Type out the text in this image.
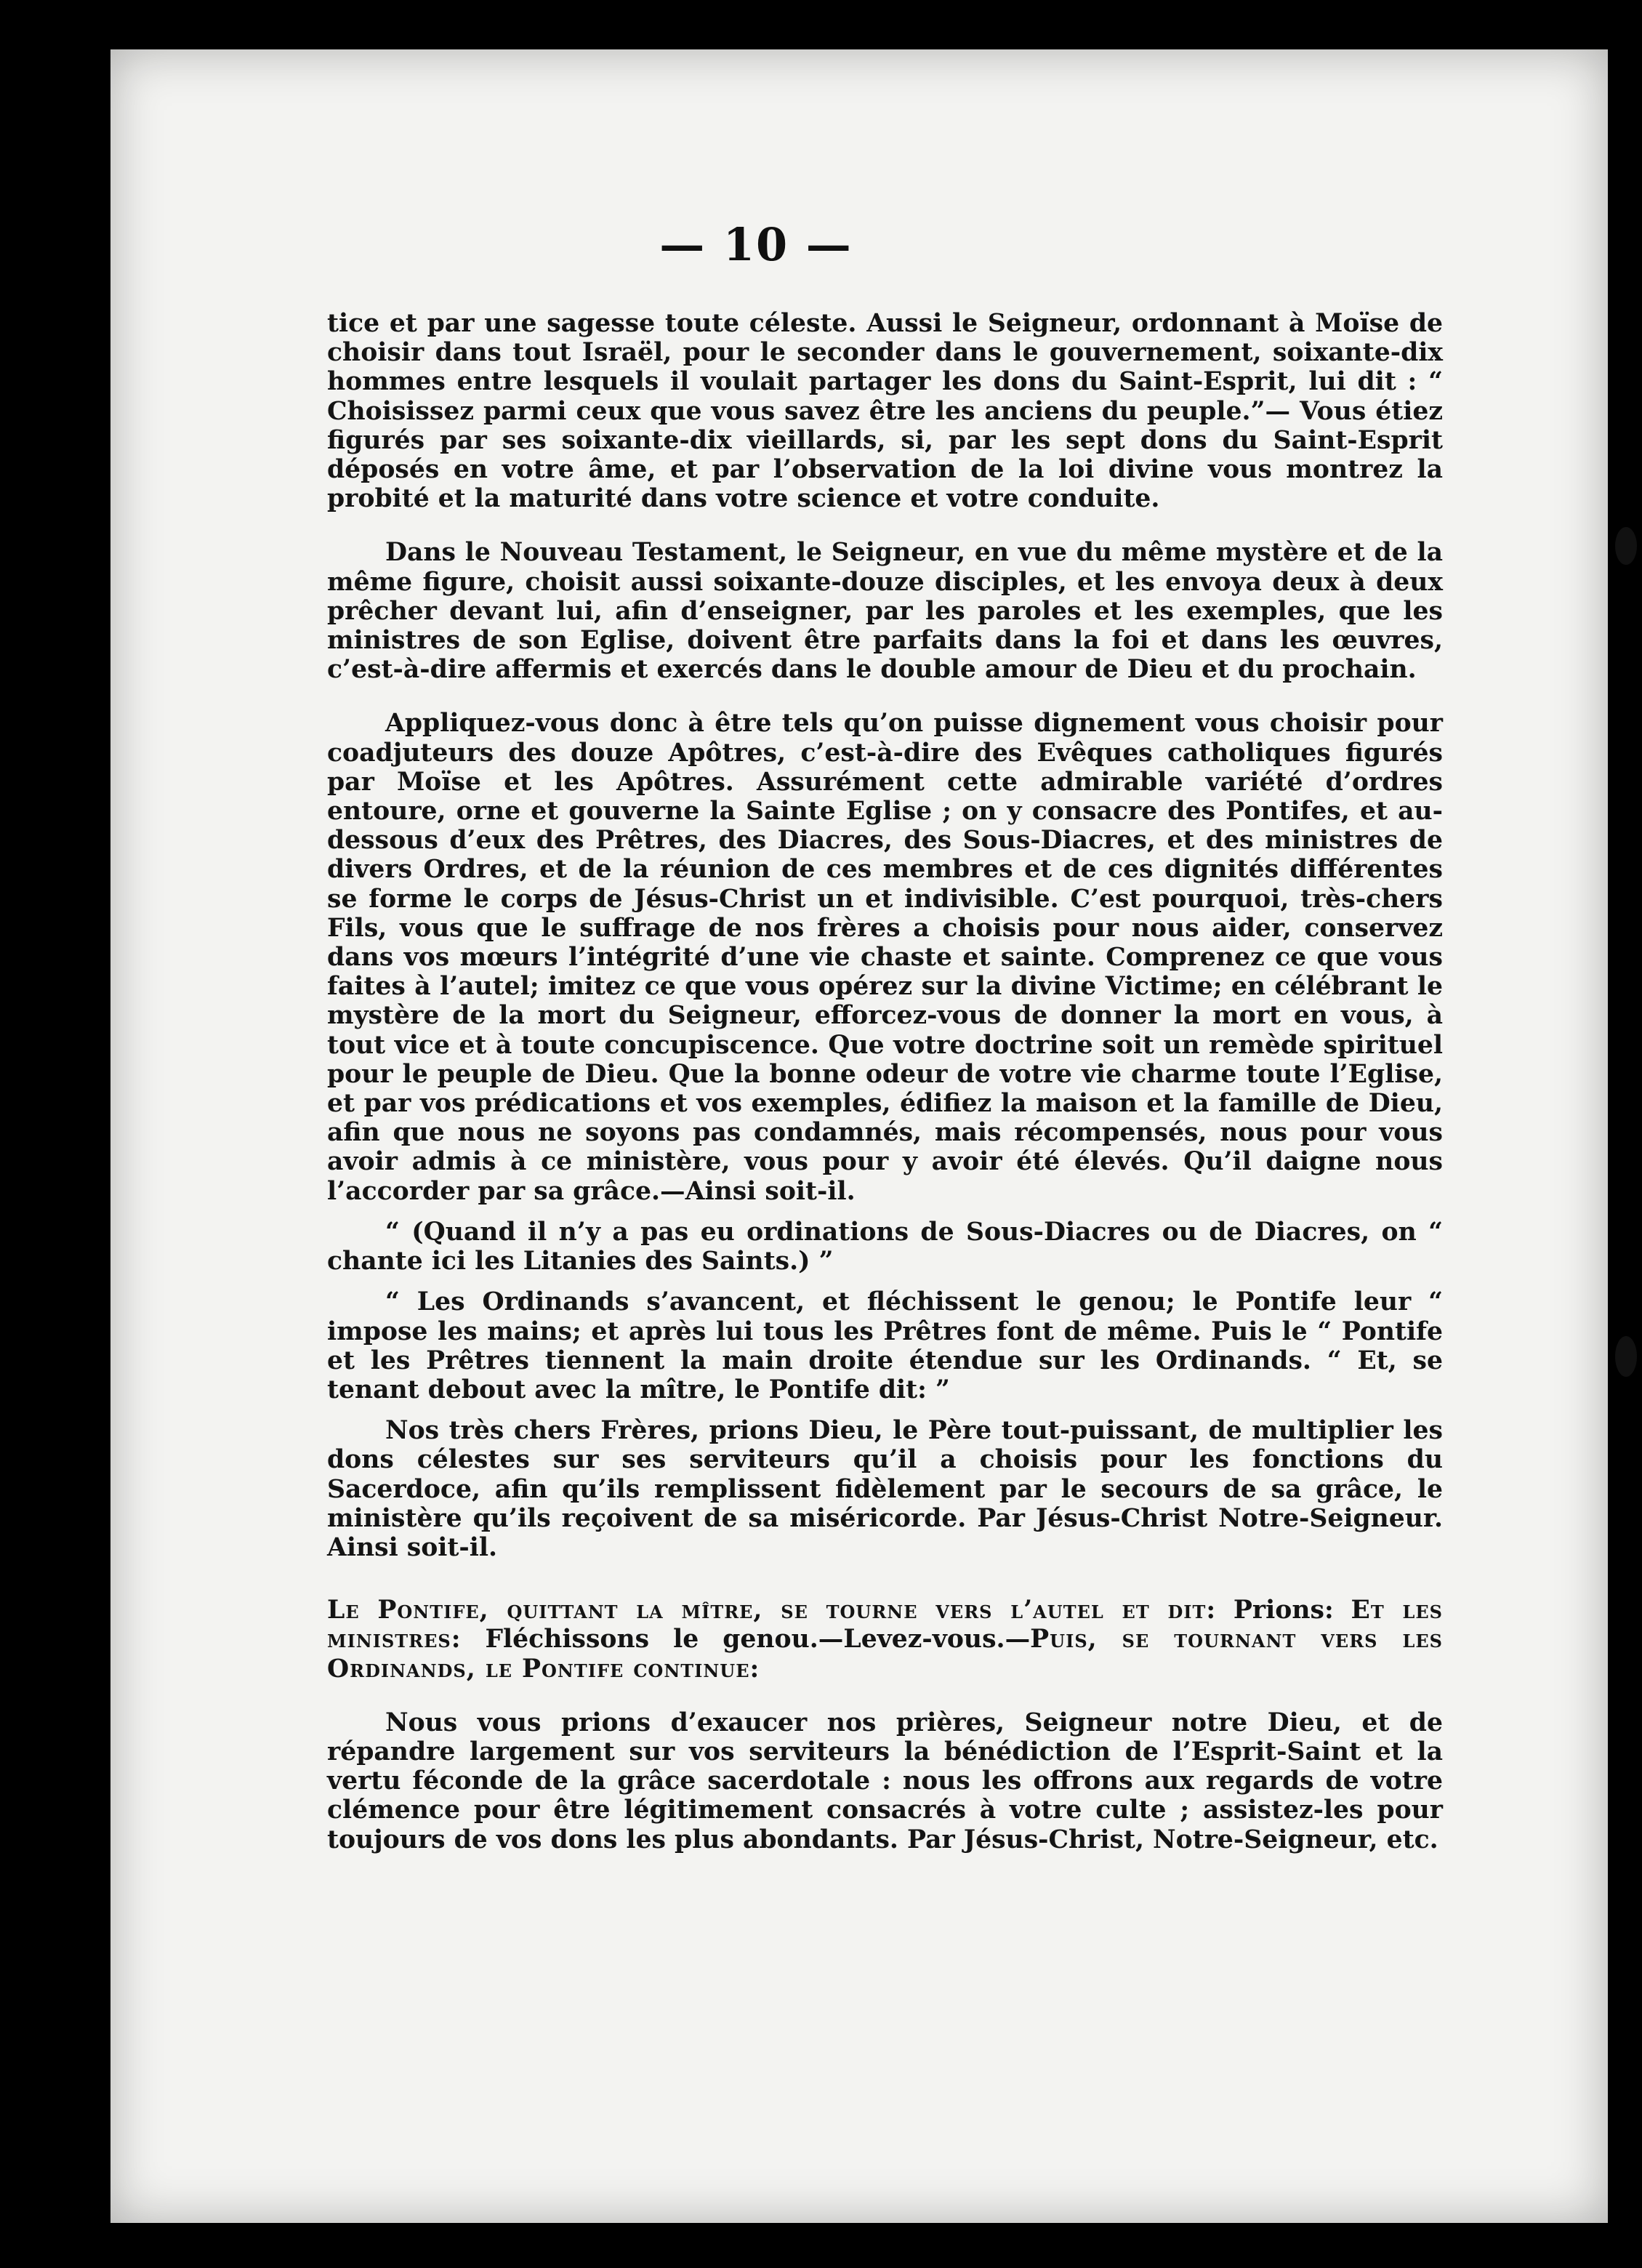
— 10 —

tice et par une sagesse toute céleste. Aussi le Seigneur, ordonnant à Moïse de choisir dans tout Israël, pour le seconder dans le gouvernement, soixante-dix hommes entre lesquels il voulait partager les dons du Saint-Esprit, lui dit : “ Choisissez parmi ceux que vous savez être les anciens du peuple.”— Vous étiez figurés par ses soixante-dix vieillards, si, par les sept dons du Saint-Esprit déposés en votre âme, et par l’observation de la loi divine vous montrez la probité et la maturité dans votre science et votre conduite.

Dans le Nouveau Testament, le Seigneur, en vue du même mystère et de la même figure, choisit aussi soixante-douze disciples, et les envoya deux à deux prêcher devant lui, afin d’enseigner, par les paroles et les exemples, que les ministres de son Eglise, doivent être parfaits dans la foi et dans les œuvres, c’est-à-dire affermis et exercés dans le double amour de Dieu et du prochain.

Appliquez-vous donc à être tels qu’on puisse dignement vous choisir pour coadjuteurs des douze Apôtres, c’est-à-dire des Evêques catholiques figurés par Moïse et les Apôtres. Assurément cette admirable variété d’ordres entoure, orne et gouverne la Sainte Eglise ; on y consacre des Pontifes, et au-dessous d’eux des Prêtres, des Diacres, des Sous-Diacres, et des ministres de divers Ordres, et de la réunion de ces membres et de ces dignités différentes se forme le corps de Jésus-Christ un et indivisible. C’est pourquoi, très-chers Fils, vous que le suffrage de nos frères a choisis pour nous aider, conservez dans vos mœurs l’intégrité d’une vie chaste et sainte. Comprenez ce que vous faites à l’autel; imitez ce que vous opérez sur la divine Victime; en célébrant le mystère de la mort du Seigneur, efforcez-vous de donner la mort en vous, à tout vice et à toute concupiscence. Que votre doctrine soit un remède spirituel pour le peuple de Dieu. Que la bonne odeur de votre vie charme toute l’Eglise, et par vos prédications et vos exemples, édifiez la maison et la famille de Dieu, afin que nous ne soyons pas condamnés, mais récompensés, nous pour vous avoir admis à ce ministère, vous pour y avoir été élevés. Qu’il daigne nous l’accorder par sa grâce.—Ainsi soit-il.

“ (Quand il n’y a pas eu ordinations de Sous-Diacres ou de Diacres, on “ chante ici les Litanies des Saints.) ”

“ Les Ordinands s’avancent, et fléchissent le genou; le Pontife leur “ impose les mains; et après lui tous les Prêtres font de même. Puis le “ Pontife et les Prêtres tiennent la main droite étendue sur les Ordinands. “ Et, se tenant debout avec la mître, le Pontife dit: ”

Nos très chers Frères, prions Dieu, le Père tout-puissant, de multiplier les dons célestes sur ses serviteurs qu’il a choisis pour les fonctions du Sacerdoce, afin qu’ils remplissent fidèlement par le secours de sa grâce, le ministère qu’ils reçoivent de sa miséricorde. Par Jésus-Christ Notre-Seigneur. Ainsi soit-il.

Le Pontife, quittant la mître, se tourne vers l’autel et dit: Prions: Et les ministres: Fléchissons le genou.—Levez-vous.—Puis, se tournant vers les Ordinands, le Pontife continue:

Nous vous prions d’exaucer nos prières, Seigneur notre Dieu, et de répandre largement sur vos serviteurs la bénédiction de l’Esprit-Saint et la vertu féconde de la grâce sacerdotale : nous les offrons aux regards de votre clémence pour être légitimement consacrés à votre culte ; assistez-les pour toujours de vos dons les plus abondants. Par Jésus-Christ, Notre-Seigneur, etc.
